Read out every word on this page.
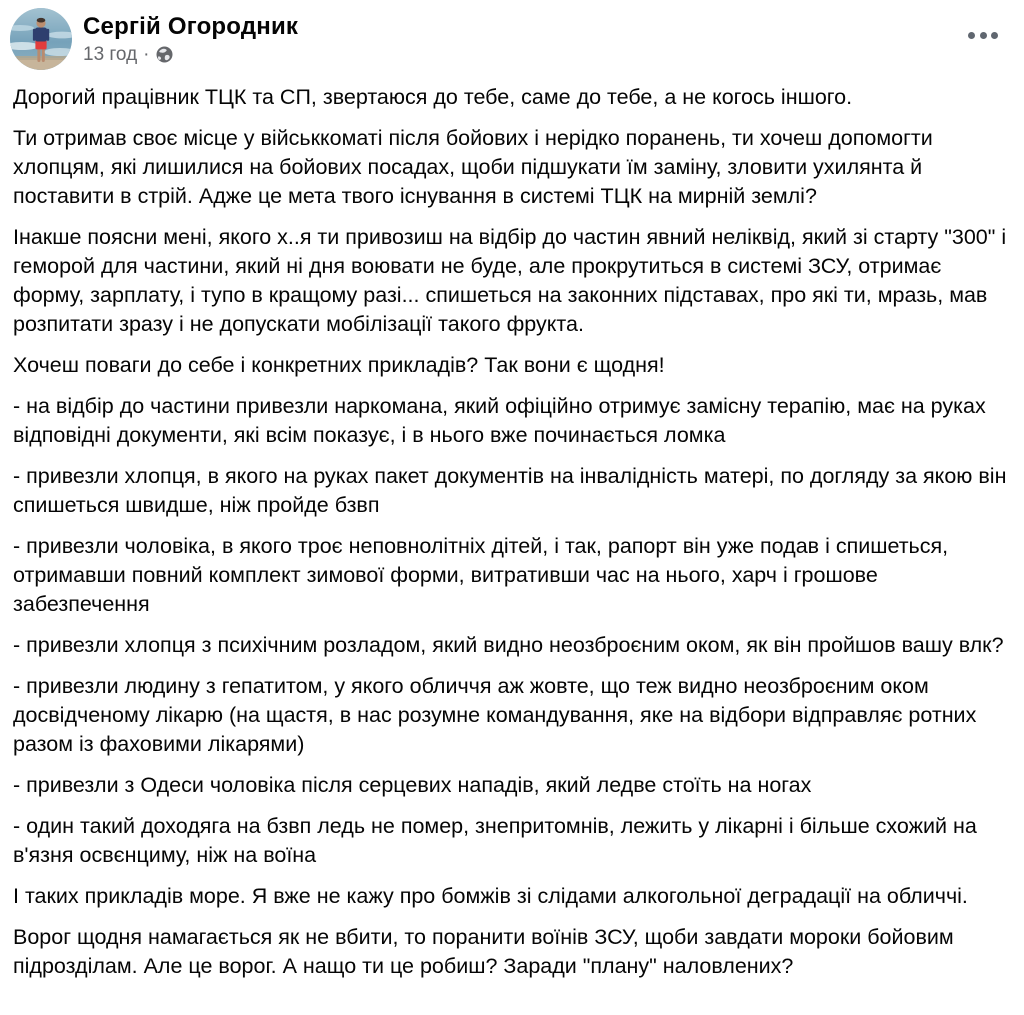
Сергій Огородник
13 год ·

Дорогий працівник ТЦК та СП, звертаюся до тебе, саме до тебе, а не когось іншого.

Ти отримав своє місце у військкоматі після бойових і нерідко поранень, ти хочеш допомогти хлопцям, які лишилися на бойових посадах, щоби підшукати їм заміну, зловити ухилянта й поставити в стрій. Адже це мета твого існування в системі ТЦК на мирній землі?

Інакше поясни мені, якого х..я ти привозиш на відбір до частин явний неліквід, який зі старту "300" і геморой для частини, який ні дня воювати не буде, але прокрутиться в системі ЗСУ, отримає форму, зарплату, і тупо в кращому разі... спишеться на законних підставах, про які ти, мразь, мав розпитати зразу і не допускати мобілізації такого фрукта.

Хочеш поваги до себе і конкретних прикладів? Так вони є щодня!

- на відбір до частини привезли наркомана, який офіційно отримує замісну терапію, має на руках відповідні документи, які всім показує, і в нього вже починається ломка

- привезли хлопця, в якого на руках пакет документів на інвалідність матері, по догляду за якою він спишеться швидше, ніж пройде бзвп

- привезли чоловіка, в якого троє неповнолітніх дітей, і так, рапорт він уже подав і спишеться, отримавши повний комплект зимової форми, витративши час на нього, харч і грошове забезпечення

- привезли хлопця з психічним розладом, який видно неозброєним оком, як він пройшов вашу влк?

- привезли людину з гепатитом, у якого обличчя аж жовте, що теж видно неозброєним оком досвідченому лікарю (на щастя, в нас розумне командування, яке на відбори відправляє ротних разом із фаховими лікарями)

- привезли з Одеси чоловіка після серцевих нападів, який ледве стоїть на ногах

- один такий доходяга на бзвп ледь не помер, знепритомнів, лежить у лікарні і більше схожий на в'язня освєнциму, ніж на воїна

І таких прикладів море. Я вже не кажу про бомжів зі слідами алкогольної деградації на обличчі.

Ворог щодня намагається як не вбити, то поранити воїнів ЗСУ, щоби завдати мороки бойовим підрозділам. Але це ворог. А нащо ти це робиш? Заради "плану" наловлених?
